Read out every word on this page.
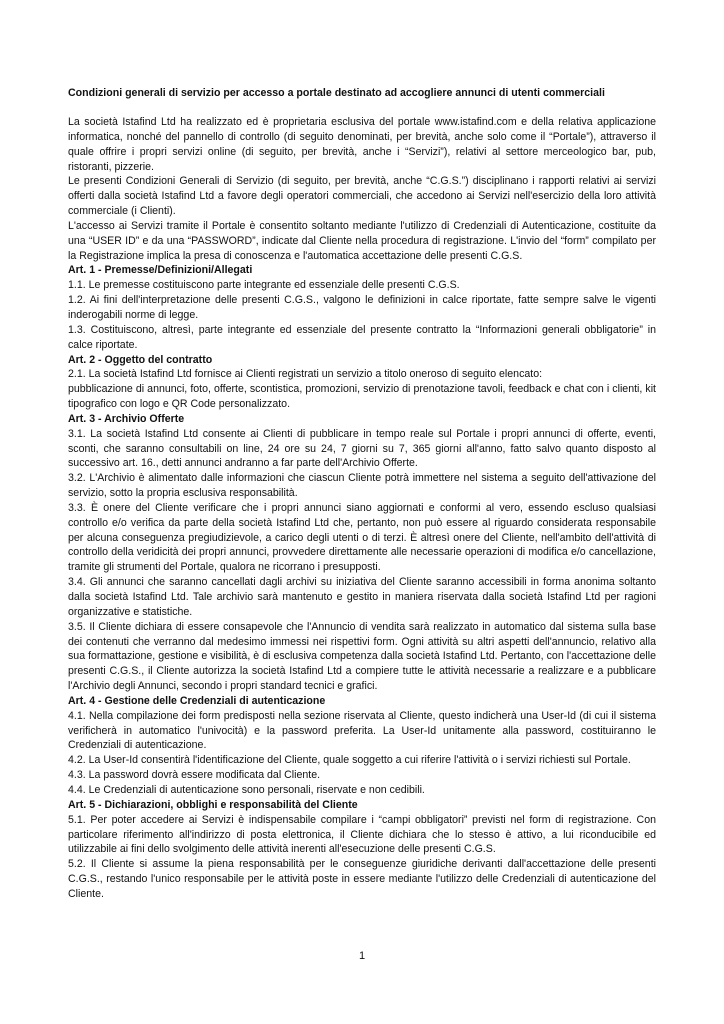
Condizioni generali di servizio per accesso a portale destinato ad accogliere annunci di utenti commerciali

La società Istafind Ltd ha realizzato ed è proprietaria esclusiva del portale www.istafind.com e della relativa applicazione informatica, nonché del pannello di controllo (di seguito denominati, per brevità, anche solo come il “Portale”), attraverso il quale offrire i propri servizi online (di seguito, per brevità, anche i “Servizi”), relativi al settore merceologico bar, pub, ristoranti, pizzerie.

Le presenti Condizioni Generali di Servizio (di seguito, per brevità, anche “C.G.S.”) disciplinano i rapporti relativi ai servizi offerti dalla società Istafind Ltd a favore degli operatori commerciali, che accedono ai Servizi nell'esercizio della loro attività commerciale (i Clienti).

L'accesso ai Servizi tramite il Portale è consentito soltanto mediante l'utilizzo di Credenziali di Autenticazione, costituite da una “USER ID” e da una “PASSWORD”, indicate dal Cliente nella procedura di registrazione. L'invio del “form” compilato per la Registrazione implica la presa di conoscenza e l'automatica accettazione delle presenti C.G.S.

Art. 1 - Premesse/Definizioni/Allegati

1.1. Le premesse costituiscono parte integrante ed essenziale delle presenti C.G.S.

1.2. Ai fini dell'interpretazione delle presenti C.G.S., valgono le definizioni in calce riportate, fatte sempre salve le vigenti inderogabili norme di legge.

1.3. Costituiscono, altresì, parte integrante ed essenziale del presente contratto la “Informazioni generali obbligatorie” in calce riportate.

Art. 2 - Oggetto del contratto

2.1. La società Istafind Ltd fornisce ai Clienti registrati un servizio a titolo oneroso di seguito elencato:

pubblicazione di annunci, foto, offerte, scontistica, promozioni, servizio di prenotazione tavoli, feedback e chat con i clienti, kit tipografico con logo e QR Code personalizzato.

Art. 3 - Archivio Offerte

3.1. La società Istafind Ltd consente ai Clienti di pubblicare in tempo reale sul Portale i propri annunci di offerte, eventi, sconti, che saranno consultabili on line, 24 ore su 24, 7 giorni su 7, 365 giorni all'anno, fatto salvo quanto disposto al successivo art. 16., detti annunci andranno a far parte dell'Archivio Offerte.

3.2. L'Archivio è alimentato dalle informazioni che ciascun Cliente potrà immettere nel sistema a seguito dell'attivazione del servizio, sotto la propria esclusiva responsabilità.

3.3. È onere del Cliente verificare che i propri annunci siano aggiornati e conformi al vero, essendo escluso qualsiasi controllo e/o verifica da parte della società Istafind Ltd che, pertanto, non può essere al riguardo considerata responsabile per alcuna conseguenza pregiudizievole, a carico degli utenti o di terzi. È altresì onere del Cliente, nell'ambito dell'attività di controllo della veridicità dei propri annunci, provvedere direttamente alle necessarie operazioni di modifica e/o cancellazione, tramite gli strumenti del Portale, qualora ne ricorrano i presupposti.

3.4. Gli annunci che saranno cancellati dagli archivi su iniziativa del Cliente saranno accessibili in forma anonima soltanto dalla società Istafind Ltd. Tale archivio sarà mantenuto e gestito in maniera riservata dalla società Istafind Ltd per ragioni organizzative e statistiche.

3.5. Il Cliente dichiara di essere consapevole che l'Annuncio di vendita sarà realizzato in automatico dal sistema sulla base dei contenuti che verranno dal medesimo immessi nei rispettivi form. Ogni attività su altri aspetti dell'annuncio, relativo alla sua formattazione, gestione e visibilità, è di esclusiva competenza dalla società Istafind Ltd. Pertanto, con l'accettazione delle presenti C.G.S., il Cliente autorizza la società Istafind Ltd a compiere tutte le attività necessarie a realizzare e a pubblicare l'Archivio degli Annunci, secondo i propri standard tecnici e grafici.

Art. 4 - Gestione delle Credenziali di autenticazione

4.1. Nella compilazione dei form predisposti nella sezione riservata al Cliente, questo indicherà una User-Id (di cui il sistema verificherà in automatico l'univocità) e la password preferita. La User-Id unitamente alla password, costituiranno le Credenziali di autenticazione.

4.2. La User-Id consentirà l'identificazione del Cliente, quale soggetto a cui riferire l'attività o i servizi richiesti sul Portale.

4.3. La password dovrà essere modificata dal Cliente.

4.4. Le Credenziali di autenticazione sono personali, riservate e non cedibili.

Art. 5 - Dichiarazioni, obblighi e responsabilità del Cliente

5.1. Per poter accedere ai Servizi è indispensabile compilare i “campi obbligatori” previsti nel form di registrazione. Con particolare riferimento all'indirizzo di posta elettronica, il Cliente dichiara che lo stesso è attivo, a lui riconducibile ed utilizzabile ai fini dello svolgimento delle attività inerenti all'esecuzione delle presenti C.G.S.

5.2. Il Cliente si assume la piena responsabilità per le conseguenze giuridiche derivanti dall'accettazione delle presenti C.G.S., restando l'unico responsabile per le attività poste in essere mediante l'utilizzo delle Credenziali di autenticazione del Cliente.

1
